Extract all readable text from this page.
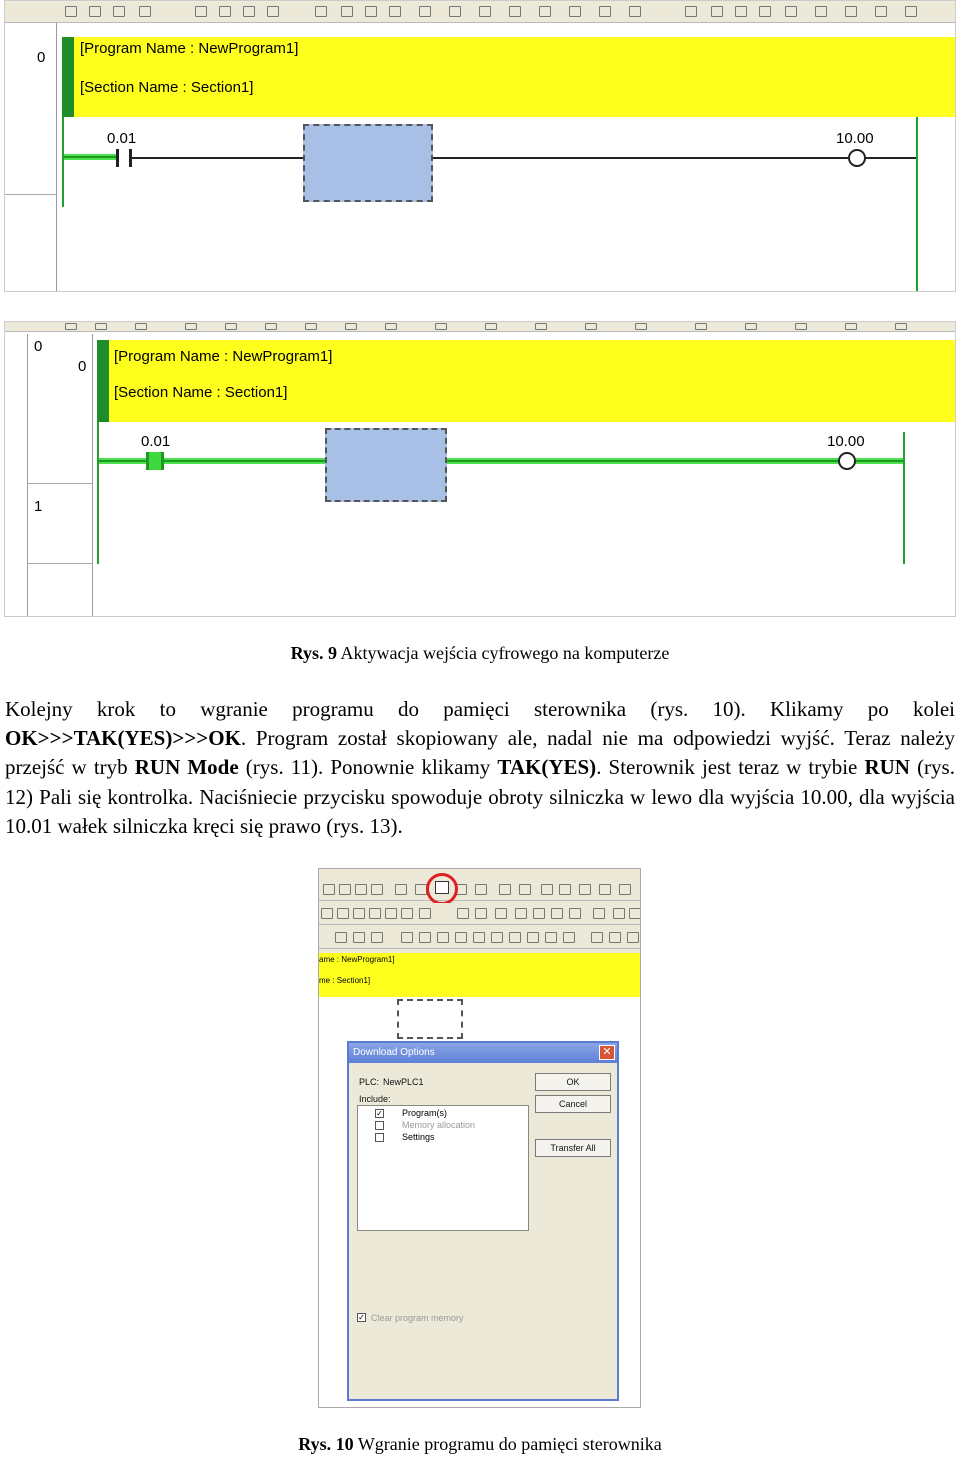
0
[Program Name : NewProgram1]
[Section Name : Section1]
0.01	10.00
0
0
1
[Program Name : NewProgram1]
[Section Name : Section1]
0.01	10.00
Rys. 9 Aktywacja wejścia cyfrowego na komputerze

Kolejny krok to wgranie programu do pamięci sterownika (rys. 10). Klikamy po kolei

OK>>>TAK(YES)>>>OK

. Program został skopiowany ale, nadal nie ma odpowiedzi wyjść. Teraz należy przejść w tryb

RUN Mode

(rys. 11). Ponownie klikamy

TAK(YES)

. Sterownik jest teraz w trybie

RUN

(rys. 12) Pali się kontrolka. Naciśniecie przycisku spowoduje obroty silniczka w lewo dla wyjścia 10.00, dla wyjścia 10.01 wałek silniczka kręci się prawo (rys. 13).

ame : NewProgram1]
me : Section1]
Download Options	✕
PLC: NewPLC1
Include:
✓ Program(s)
Memory allocation
Settings
OK
Cancel
Transfer All
✓ Clear program memory
Rys. 10 Wgranie programu do pamięci sterownika
